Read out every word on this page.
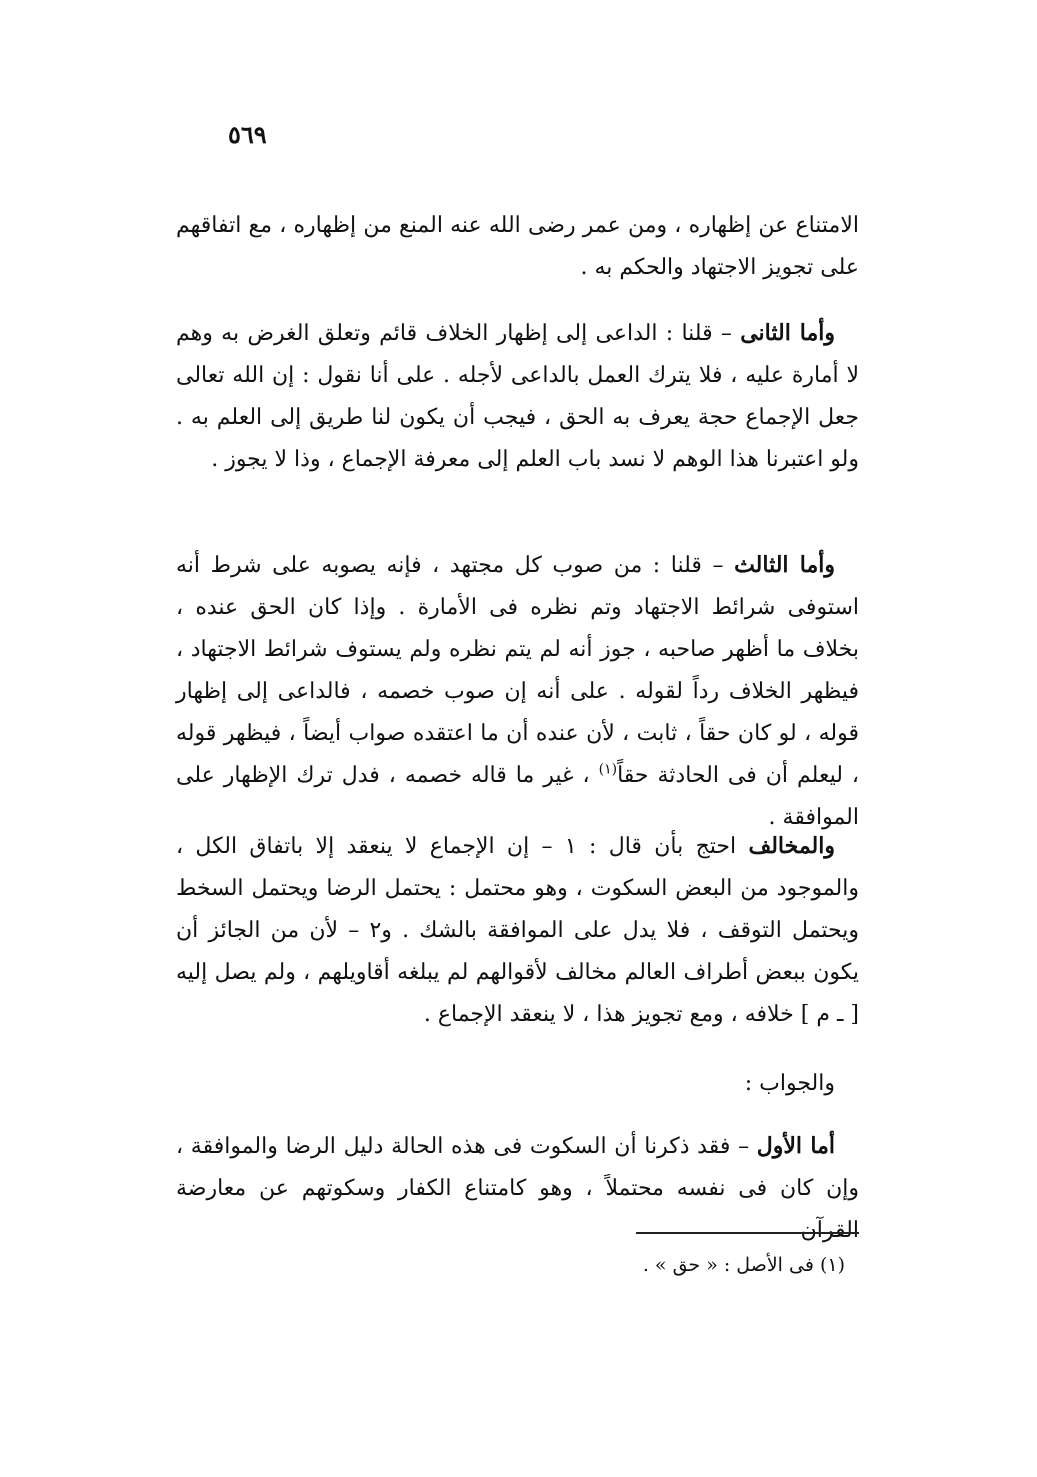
٥٦٩

الامتناع عن إظهاره ، ومن عمر رضى الله عنه المنع من إظهاره ، مع اتفاقهم على تجويز الاجتهاد والحكم به .

وأما الثانى – قلنا : الداعى إلى إظهار الخلاف قائم وتعلق الغرض به وهم لا أمارة عليه ، فلا يترك العمل بالداعى لأجله . على أنا نقول : إن الله تعالى جعل الإجماع حجة يعرف به الحق ، فيجب أن يكون لنا طريق إلى العلم به . ولو اعتبرنا هذا الوهم لا نسد باب العلم إلى معرفة الإجماع ، وذا لا يجوز .

وأما الثالث – قلنا : من صوب كل مجتهد ، فإنه يصوبه على شرط أنه استوفى شرائط الاجتهاد وتم نظره فى الأمارة . وإذا كان الحق عنده ، بخلاف ما أظهر صاحبه ، جوز أنه لم يتم نظره ولم يستوف شرائط الاجتهاد ، فيظهر الخلاف رداً لقوله . على أنه إن صوب خصمه ، فالداعى إلى إظهار قوله ، لو كان حقاً ، ثابت ، لأن عنده أن ما اعتقده صواب أيضاً ، فيظهر قوله ، ليعلم أن فى الحادثة حقاً$^{(١)}$ ، غير ما قاله خصمه ، فدل ترك الإظهار على الموافقة .

والمخالف احتج بأن قال : ١ – إن الإجماع لا ينعقد إلا باتفاق الكل ، والموجود من البعض السكوت ، وهو محتمل : يحتمل الرضا ويحتمل السخط ويحتمل التوقف ، فلا يدل على الموافقة بالشك . و٢ – لأن من الجائز أن يكون ببعض أطراف العالم مخالف لأقوالهم لم يبلغه أقاويلهم ، ولم يصل إليه [ ـ م ] خلافه ، ومع تجويز هذا ، لا ينعقد الإجماع .

والجواب :

أما الأول – فقد ذكرنا أن السكوت فى هذه الحالة دليل الرضا والموافقة ، وإن كان فى نفسه محتملاً ، وهو كامتناع الكفار وسكوتهم عن معارضة القرآن

(١) فى الأصل : « حق » .
